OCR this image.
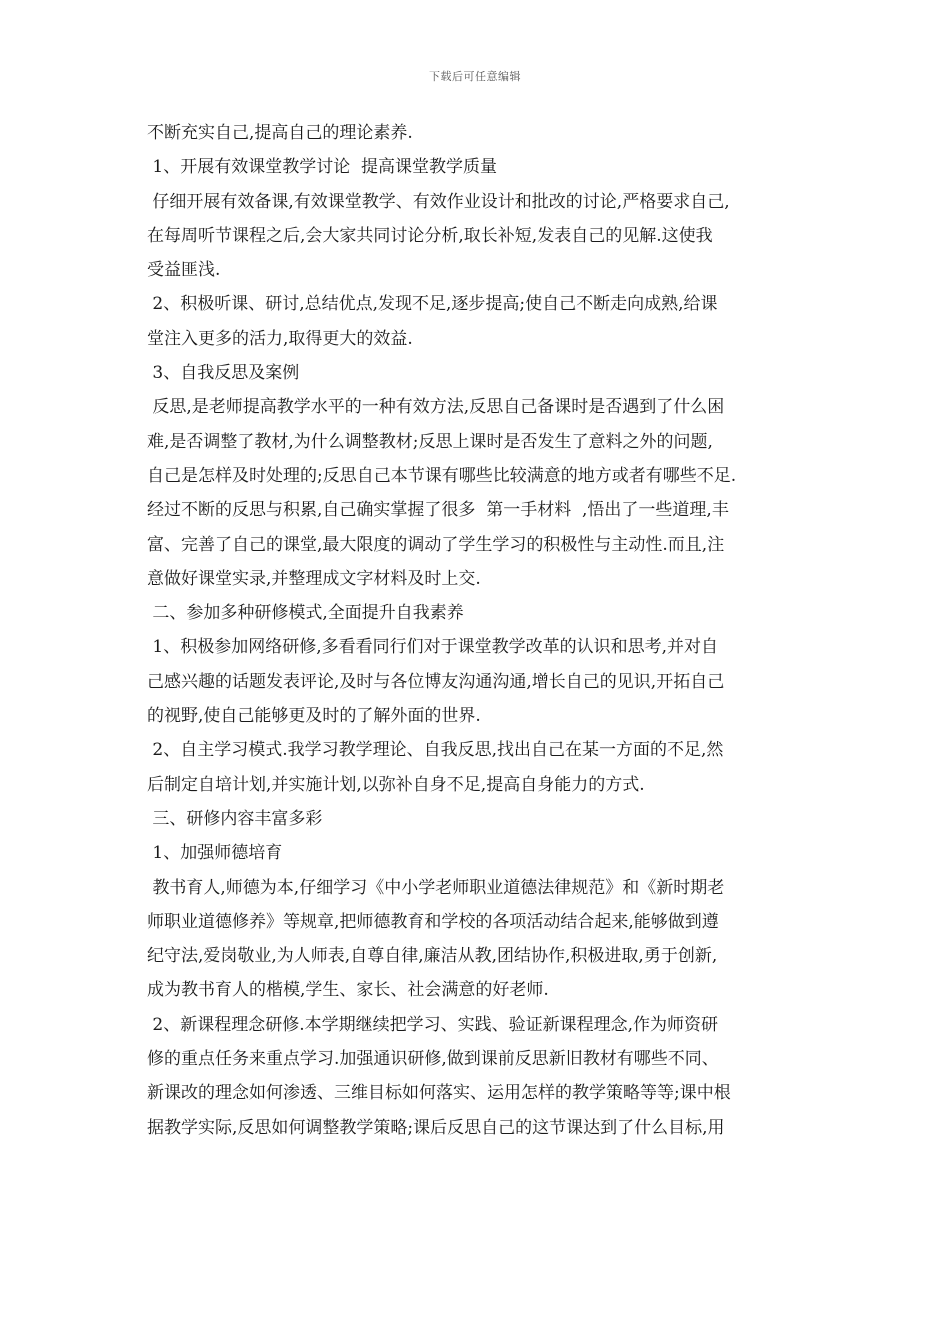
下载后可任意编辑
不断充实自己,提高自己的理论素养.
1、开展有效课堂教学讨论  提高课堂教学质量
仔细开展有效备课,有效课堂教学、有效作业设计和批改的讨论,严格要求自己,
在每周听节课程之后,会大家共同讨论分析,取长补短,发表自己的见解.这使我
受益匪浅.
2、积极听课、研讨,总结优点,发现不足,逐步提高;使自己不断走向成熟,给课
堂注入更多的活力,取得更大的效益.
3、自我反思及案例
反思,是老师提高教学水平的一种有效方法,反思自己备课时是否遇到了什么困
难,是否调整了教材,为什么调整教材;反思上课时是否发生了意料之外的问题,
自己是怎样及时处理的;反思自己本节课有哪些比较满意的地方或者有哪些不足.
经过不断的反思与积累,自己确实掌握了很多  第一手材料  ,悟出了一些道理,丰
富、完善了自己的课堂,最大限度的调动了学生学习的积极性与主动性.而且,注
意做好课堂实录,并整理成文字材料及时上交.
二、参加多种研修模式,全面提升自我素养
1、积极参加网络研修,多看看同行们对于课堂教学改革的认识和思考,并对自
己感兴趣的话题发表评论,及时与各位博友沟通沟通,增长自己的见识,开拓自己
的视野,使自己能够更及时的了解外面的世界.
2、自主学习模式.我学习教学理论、自我反思,找出自己在某一方面的不足,然
后制定自培计划,并实施计划,以弥补自身不足,提高自身能力的方式.
三、研修内容丰富多彩
1、加强师德培育
教书育人,师德为本,仔细学习《中小学老师职业道德法律规范》和《新时期老
师职业道德修养》等规章,把师德教育和学校的各项活动结合起来,能够做到遵
纪守法,爱岗敬业,为人师表,自尊自律,廉洁从教,团结协作,积极进取,勇于创新,
成为教书育人的楷模,学生、家长、社会满意的好老师.
2、新课程理念研修.本学期继续把学习、实践、验证新课程理念,作为师资研
修的重点任务来重点学习.加强通识研修,做到课前反思新旧教材有哪些不同、
新课改的理念如何渗透、三维目标如何落实、运用怎样的教学策略等等;课中根
据教学实际,反思如何调整教学策略;课后反思自己的这节课达到了什么目标,用
